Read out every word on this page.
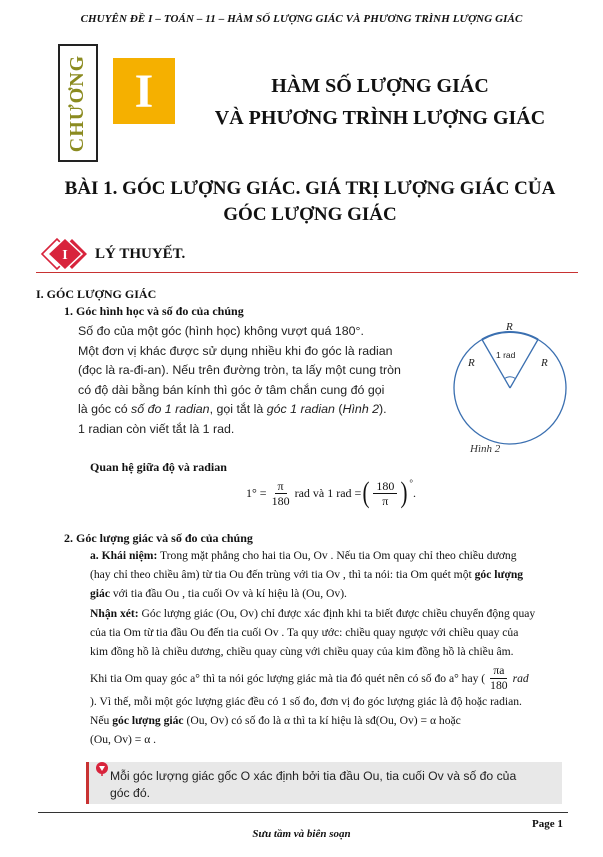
CHUYÊN ĐỀ I – TOÁN – 11 – HÀM SỐ LƯỢNG GIÁC VÀ PHƯƠNG TRÌNH LƯỢNG GIÁC
CHƯƠNG I	HÀM SỐ LƯỢNG GIÁC
VÀ PHƯƠNG TRÌNH LƯỢNG GIÁC
BÀI 1. GÓC LƯỢNG GIÁC. GIÁ TRỊ LƯỢNG GIÁC CỦA
GÓC LƯỢNG GIÁC
I LÝ THUYẾT.
I. GÓC LƯỢNG GIÁC
1. Góc hình học và số đo của chúng
Số đo của một góc (hình học) không vượt quá 180°.
Một đơn vị khác được sử dụng nhiều khi đo góc là radian
(đọc là ra-đi-an). Nếu trên đường tròn, ta lấy một cung tròn
có độ dài bằng bán kính thì góc ở tâm chắn cung đó gọi
là góc có số đo 1 radian, gọi tắt là góc 1 radian (Hình 2).
1 radian còn viết tắt là 1 rad.
R
R	R
1 rad
Hình 2
Quan hệ giữa độ và radian
$1^\circ = \frac{\pi}{180}$ rad và 1 rad = ( $\frac{180}{\pi} )^\circ$
.
2. Góc lượng giác và số đo của chúng
a. Khái niệm: Trong mặt phẳng cho hai tia Ou, Ov . Nếu tia Om quay chỉ theo chiều dương
(hay chỉ theo chiều âm) từ tia Ou đến trùng với tia Ov , thì ta nói: tia Om quét một góc lượng
giác với tia đầu Ou , tia cuối Ov và kí hiệu là (Ou, Ov).
Nhận xét: Góc lượng giác (Ou, Ov) chỉ được xác định khi ta biết được chiều chuyển động quay
của tia Om từ tia đầu Ou đến tia cuối Ov . Ta quy ước: chiều quay ngược với chiều quay của
kim đồng hồ là chiều dương, chiều quay cùng với chiều quay của kim đồng hồ là chiều âm.
Khi tia Om quay góc a° thì ta nói góc lượng giác mà tia đó quét nên có số đo a° hay ( $\frac{\pi a}{180}$ rad
). Vì thế, mỗi một góc lượng giác đều có 1 số đo, đơn vị đo góc lượng giác là độ hoặc radian.
Nếu góc lượng giác (Ou, Ov) có số đo là α thì ta kí hiệu là sđ(Ou, Ov) = α hoặc
(Ou, Ov) = α .
Mỗi góc lượng giác gốc O xác định bởi tia đầu Ou, tia cuối Ov và số đo của
góc đó.
Page 1
Sưu tầm và biên soạn
